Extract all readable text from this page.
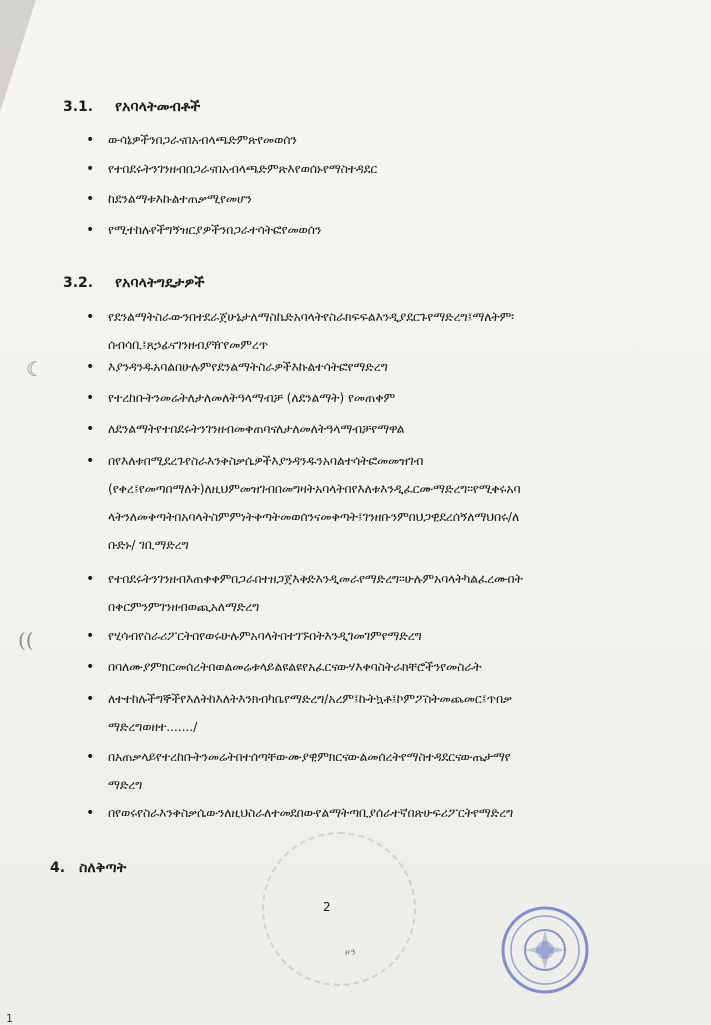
3.1. የአባላትመብቶች
• ውሳኔዎችንበጋራናበአብላጫድምጽየመወሰን
• የተበደሩትንገንዘብበጋራናበአብላጫድምጽእየወሰኑየማስተዳደር
• ከደንልማቱእኩልተጠቃሚየመሆን
• የሚተከሉየችግኝዝርያዎችንበጋራተሳትፎየመወሰን
3.2. የአባላትግዴታዎች
• የደንልማትስራውንበተደራጀሁኔታለማስኬድአባላትየስራክፍፍልእንዲያደርጉየማድረግ፤ማለትም፡
ሰብሳቢ፤ጸኃፊናገንዘብያዥየመምረጥ
• እያንዳንዱአባልበሁሉምየደንልማትስራዎችእኩልተሳትፎየማድረግ
• የተረከቡትንመሬትለታለመለትዓላማብቻ (ለደንልማት) የመጠቀም
• ለደንልማትየተበደሩትንገንዘብመቀጠባናለታለመለትዓላማብቻየማዋል
• በየእለቱበሚደረጉየስራእንቅስቃሴዎችእያንዳንዱንአባልተሳትፎመመዝገብ
(የቀረ፤የመጣበማለት)ለዚህምመዝገብበመግዛትአባላትበየእለቱእንዲፈርሙማድረግ።የሚቀሩአባ
ላትንለመቅጣትበአባላትስምምነትቅጣትመወሰንናመቅጣት፤ገንዘቡንምበህጋዊደረሰኝለማህበሩ/ለ
ቡድኑ/ ገቢማድረግ
• የተበደሩትንገንዘብእጠቀቀምበጋራበተዘጋጀእቅድእንዲመራየማድረግ።ሁሉምአባላትካልፈረሙበት
በቀርምንምገንዘብወጪአለማድረግ
• የሂሳብየስራሪፖርትበየወሩሁሉምአባላትበተገኙበትእንዲገመገምየማድረግ
• በባለሙያምክርመሰረትበወልመሬቱላይልዩልዩየአፈርናውሃእቀባስትራክቸሮችንየመስራት
• ለተተከሉችግኞችየእለትከእለትእንክብካቤየማድረግ/አረም፤ኩትኳቶ፤ኮምፖስትመጨመር፤ጥበቃ
ማድረግወዘተ......./
• በአጠቃላይየተረከቡትንመሬትበተሰጣቸውሙያዊምክርናውልመሰረትየማስተዳደርናውጤታማየ
ማድረግ
• በየወሩየስራእንቅስቃሴውንለዚህስራለተመደበውየልማትጣቢያሰራተኛበጽሁፍሪፖርትየማድረግ
4. ስለቅጣት
☾
((
ዞን
2
1
